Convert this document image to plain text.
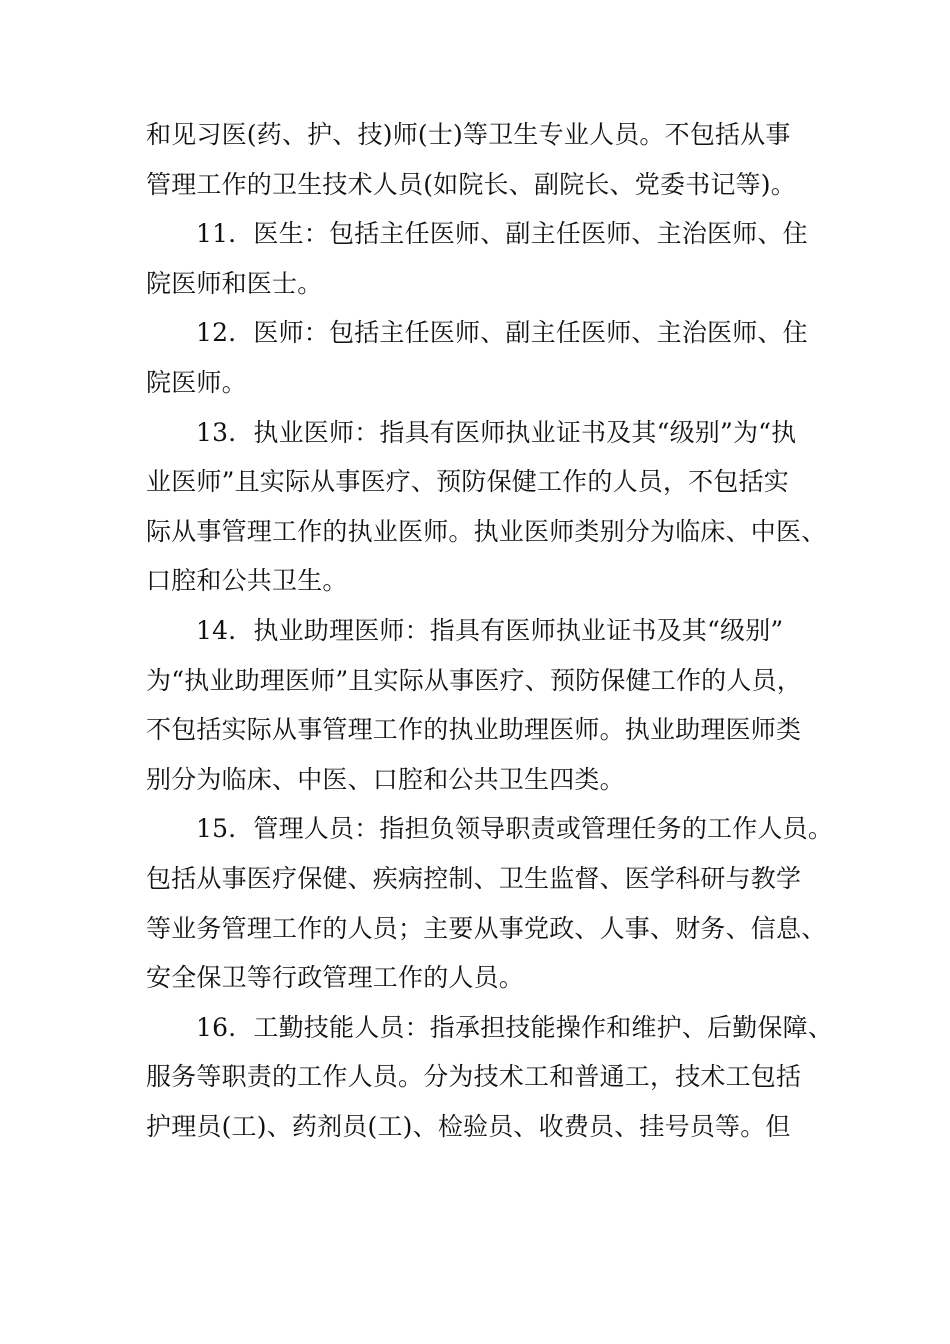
和见习医(药、护、技)师(士)等卫生专业人员。不包括从事
管理工作的卫生技术人员(如院长、副院长、党委书记等)。
11．医生：包括主任医师、副主任医师、主治医师、住
院医师和医士。
12．医师：包括主任医师、副主任医师、主治医师、住
院医师。
13．执业医师：指具有医师执业证书及其“级别”为“执
业医师”且实际从事医疗、预防保健工作的人员，不包括实
际从事管理工作的执业医师。执业医师类别分为临床、中医、
口腔和公共卫生。
14．执业助理医师：指具有医师执业证书及其“级别”
为“执业助理医师”且实际从事医疗、预防保健工作的人员，
不包括实际从事管理工作的执业助理医师。执业助理医师类
别分为临床、中医、口腔和公共卫生四类。
15．管理人员：指担负领导职责或管理任务的工作人员。
包括从事医疗保健、疾病控制、卫生监督、医学科研与教学
等业务管理工作的人员；主要从事党政、人事、财务、信息、
安全保卫等行政管理工作的人员。
16．工勤技能人员：指承担技能操作和维护、后勤保障、
服务等职责的工作人员。分为技术工和普通工，技术工包括
护理员(工)、药剂员(工)、检验员、收费员、挂号员等。但
